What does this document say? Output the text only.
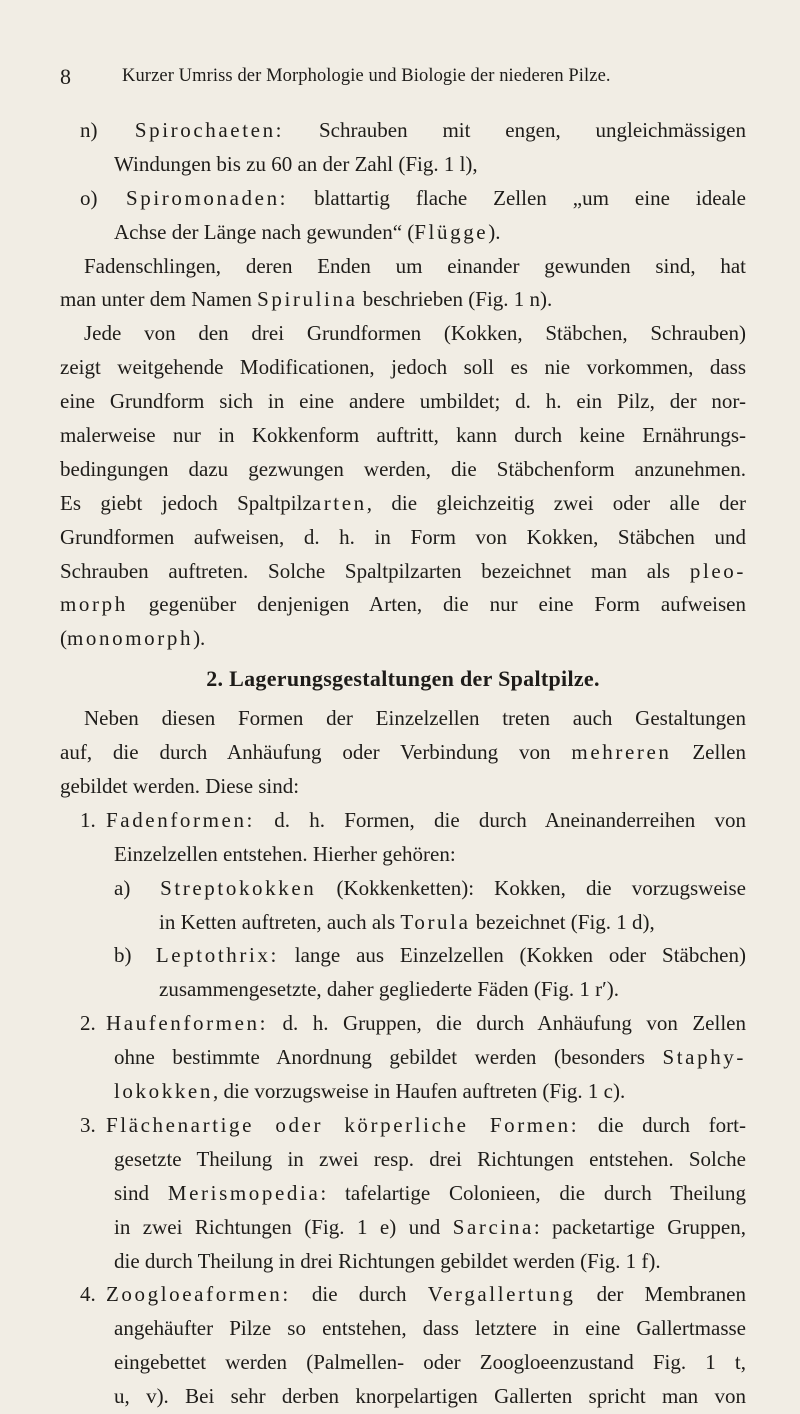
8	Kurzer Umriss der Morphologie und Biologie der niederen Pilze.
n) Spirochaeten: Schrauben mit engen, ungleichmässigen
Windungen bis zu 60 an der Zahl (Fig. 1 l),
o) Spiromonaden: blattartig flache Zellen „um eine ideale
Achse der Länge nach gewunden“ (Flügge).
Fadenschlingen, deren Enden um einander gewunden sind, hat
man unter dem Namen Spirulina beschrieben (Fig. 1 n).
Jede von den drei Grundformen (Kokken, Stäbchen, Schrauben)
zeigt weitgehende Modificationen, jedoch soll es nie vorkommen, dass
eine Grundform sich in eine andere umbildet; d. h. ein Pilz, der nor-
malerweise nur in Kokkenform auftritt, kann durch keine Ernährungs-
bedingungen dazu gezwungen werden, die Stäbchenform anzunehmen.
Es giebt jedoch Spaltpilzarten, die gleichzeitig zwei oder alle der
Grundformen aufweisen, d. h. in Form von Kokken, Stäbchen und
Schrauben auftreten. Solche Spaltpilzarten bezeichnet man als pleo-
morph gegenüber denjenigen Arten, die nur eine Form aufweisen
(monomorph).
2. Lagerungsgestaltungen der Spaltpilze.
Neben diesen Formen der Einzelzellen treten auch Gestaltungen
auf, die durch Anhäufung oder Verbindung von mehreren Zellen
gebildet werden. Diese sind:
1. Fadenformen: d. h. Formen, die durch Aneinanderreihen von
Einzelzellen entstehen. Hierher gehören:
a) Streptokokken (Kokkenketten): Kokken, die vorzugsweise
in Ketten auftreten, auch als Torula bezeichnet (Fig. 1 d),
b) Leptothrix: lange aus Einzelzellen (Kokken oder Stäbchen)
zusammengesetzte, daher gegliederte Fäden (Fig. 1 r′).
2. Haufenformen: d. h. Gruppen, die durch Anhäufung von Zellen
ohne bestimmte Anordnung gebildet werden (besonders Staphy-
lokokken, die vorzugsweise in Haufen auftreten (Fig. 1 c).
3. Flächenartige oder körperliche Formen: die durch fort-
gesetzte Theilung in zwei resp. drei Richtungen entstehen. Solche
sind Merismopedia: tafelartige Colonieen, die durch Theilung
in zwei Richtungen (Fig. 1 e) und Sarcina: packetartige Gruppen,
die durch Theilung in drei Richtungen gebildet werden (Fig. 1 f).
4. Zoogloeaformen: die durch Vergallertung der Membranen
angehäufter Pilze so entstehen, dass letztere in eine Gallertmasse
eingebettet werden (Palmellen- oder Zoogloeenzustand Fig. 1 t,
u, v). Bei sehr derben knorpelartigen Gallerten spricht man von
